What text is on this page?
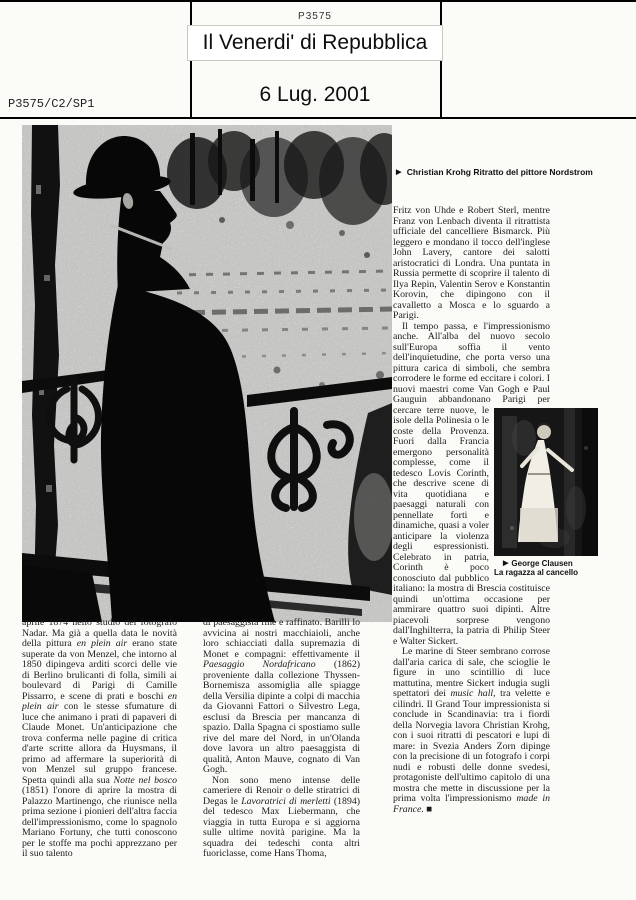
P3575
Il Venerdi' di Repubblica
6 Lug. 2001
P3575/C2/SP1
▶ Christian Krohg Ritratto del pittore Nordstrom

aprile 1874 nello studio del fotografo Nadar. Ma già a quella data le novità della pittura en plein air erano state superate da von Menzel, che intorno al 1850 dipingeva arditi scorci delle vie di Berlino brulicanti di folla, simili ai boulevard di Parigi di Camille Pissarro, e scene di prati e boschi en plein air con le stesse sfumature di luce che animano i prati di papaveri di Claude Monet. Un'anticipazione che trova conferma nelle pagine di critica d'arte scritte allora da Huysmans, il primo ad affermare la superiorità di von Menzel sul gruppo francese. Spetta quindi alla sua Notte nel bosco (1851) l'onore di aprire la mostra di Palazzo Martinengo, che riunisce nella prima sezione i pionieri dell'altra faccia dell'impressionismo, come lo spagnolo Mariano Fortuny, che tutti conoscono per le stoffe ma pochi apprezzano per il suo talento

di paesaggista fine e raffinato. Barilli lo avvicina ai nostri macchiaioli, anche loro schiacciati dalla supremazia di Monet e compagni: effettivamente il Paesaggio Nordafricano (1862) proveniente dalla collezione Thyssen-Bornemisza assomiglia alle spiagge della Versilia dipinte a colpi di macchia da Giovanni Fattori o Silvestro Lega, esclusi da Brescia per mancanza di spazio. Dalla Spagna ci spostiamo sulle rive del mare del Nord, in un'Olanda dove lavora un altro paesaggista di qualità, Anton Mauve, cognato di Van Gogh.

Non sono meno intense delle cameriere di Renoir o delle stiratrici di Degas le Lavoratrici di merletti (1894) del tedesco Max Liebermann, che viaggia in tutta Europa e si aggiorna sulle ultime novità parigine. Ma la squadra dei tedeschi conta altri fuoriclasse, come Hans Thoma,

Fritz von Uhde e Robert Sterl, mentre Franz von Lenbach diventa il ritrattista ufficiale del cancelliere Bismarck. Più leggero e mondano il tocco dell'inglese John Lavery, cantore dei salotti aristocratici di Londra. Una puntata in Russia permette di scoprire il talento di Ilya Repin, Valentin Serov e Konstantin Korovin, che dipingono con il cavalletto a Mosca e lo sguardo a Parigi.

Il tempo passa, e l'impressionismo anche. All'alba del nuovo secolo sull'Europa soffia il vento dell'inquietudine, che porta verso una pittura carica di simboli, che sembra corrodere le forme ed eccitare i colori. I nuovi maestri come Van Gogh e Paul Gauguin abbandonano Parigi
▶ George Clausen
La ragazza al cancello
per cercare terre nuove, le isole della Polinesia o le coste della Provenza. Fuori dalla Francia emergono personalità complesse, come il tedesco Lovis Corinth, che descrive scene di vita quotidiana e paesaggi naturali con pennellate forti e dinamiche, quasi a voler anticipare la violenza degli espressionisti. Celebrato in patria, Corinth è poco conosciuto dal pubblico italiano: la mostra di Brescia costituisce quindi un'ottima occasione per ammirare quattro suoi dipinti. Altre piacevoli sorprese vengono dall'Inghilterra, la patria di Philip Steer e Walter Sickert.

Le marine di Steer sembrano corrose dall'aria carica di sale, che scioglie le figure in uno scintillio di luce mattutina, mentre Sickert indugia sugli spettatori dei music hall, tra velette e cilindri. Il Grand Tour impressionista si conclude in Scandinavia: tra i fiordi della Norvegia lavora Christian Krohg, con i suoi ritratti di pescatori e lupi di mare: in Svezia Anders Zorn dipinge con la precisione di un fotografo i corpi nudi e robusti delle donne svedesi, protagoniste dell'ultimo capitolo di una mostra che mette in discussione per la prima volta l'impressionismo made in France. ■
